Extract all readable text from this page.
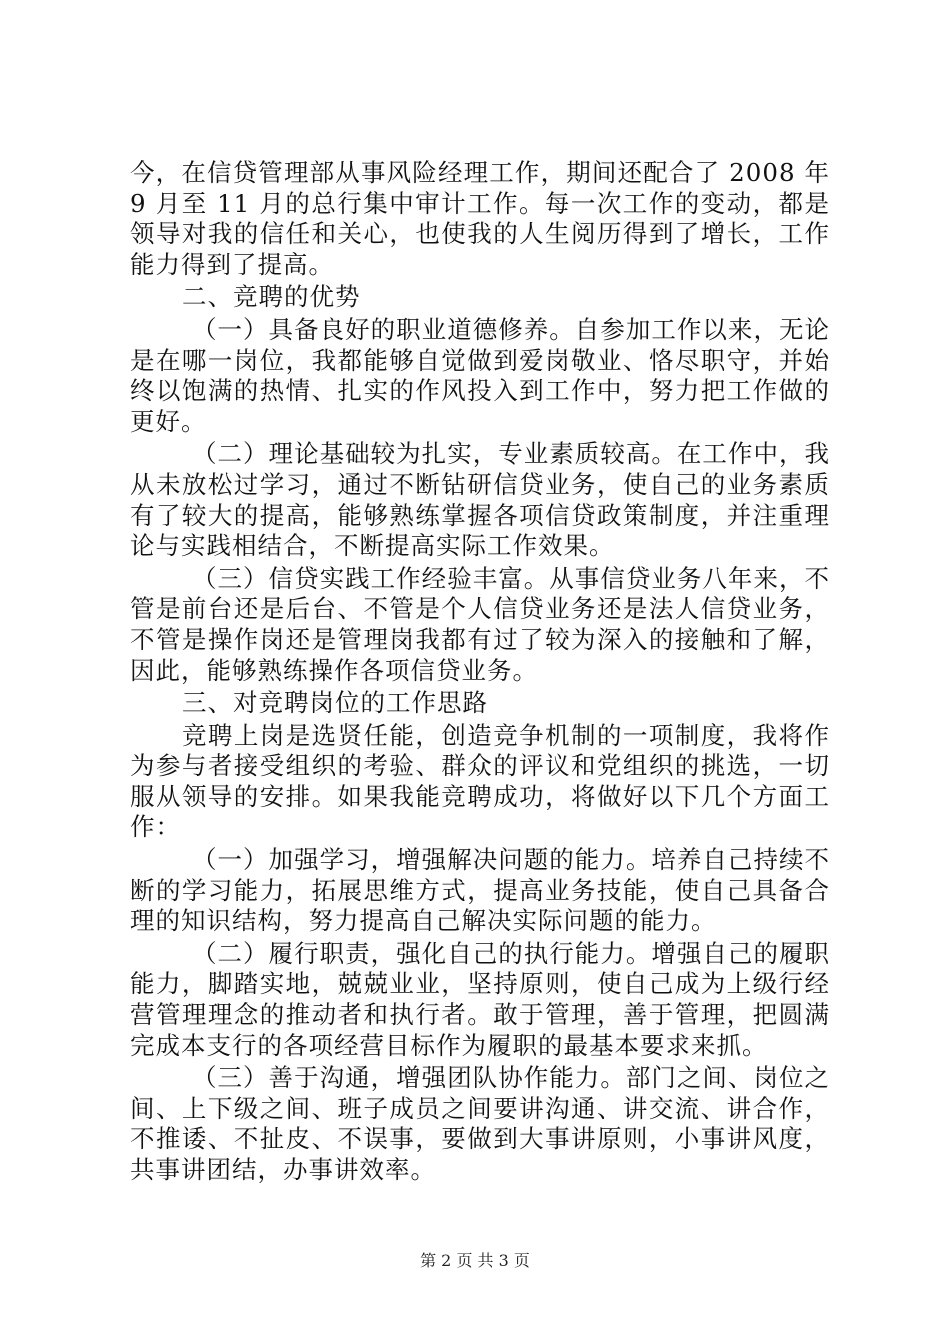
今，在信贷管理部从事风险经理工作，期间还配合了 2008 年 9 月至 11 月的总行集中审计工作。每一次工作的变动，都是领导对我的信任和关心，也使我的人生阅历得到了增长，工作能力得到了提高。

二、竞聘的优势

（一）具备良好的职业道德修养。自参加工作以来，无论是在哪一岗位，我都能够自觉做到爱岗敬业、恪尽职守，并始终以饱满的热情、扎实的作风投入到工作中，努力把工作做的更好。

（二）理论基础较为扎实，专业素质较高。在工作中，我从未放松过学习，通过不断钻研信贷业务，使自己的业务素质有了较大的提高，能够熟练掌握各项信贷政策制度，并注重理论与实践相结合，不断提高实际工作效果。

（三）信贷实践工作经验丰富。从事信贷业务八年来，不管是前台还是后台、不管是个人信贷业务还是法人信贷业务，不管是操作岗还是管理岗我都有过了较为深入的接触和了解，因此，能够熟练操作各项信贷业务。

三、对竞聘岗位的工作思路

竞聘上岗是选贤任能，创造竞争机制的一项制度，我将作为参与者接受组织的考验、群众的评议和党组织的挑选，一切服从领导的安排。如果我能竞聘成功，将做好以下几个方面工作：

（一）加强学习，增强解决问题的能力。培养自己持续不断的学习能力，拓展思维方式，提高业务技能，使自己具备合理的知识结构，努力提高自己解决实际问题的能力。

（二）履行职责，强化自己的执行能力。增强自己的履职能力，脚踏实地，兢兢业业，坚持原则，使自己成为上级行经营管理理念的推动者和执行者。敢于管理，善于管理，把圆满完成本支行的各项经营目标作为履职的最基本要求来抓。

（三）善于沟通，增强团队协作能力。部门之间、岗位之间、上下级之间、班子成员之间要讲沟通、讲交流、讲合作，不推诿、不扯皮、不误事，要做到大事讲原则，小事讲风度，共事讲团结，办事讲效率。

第 2 页 共 3 页
